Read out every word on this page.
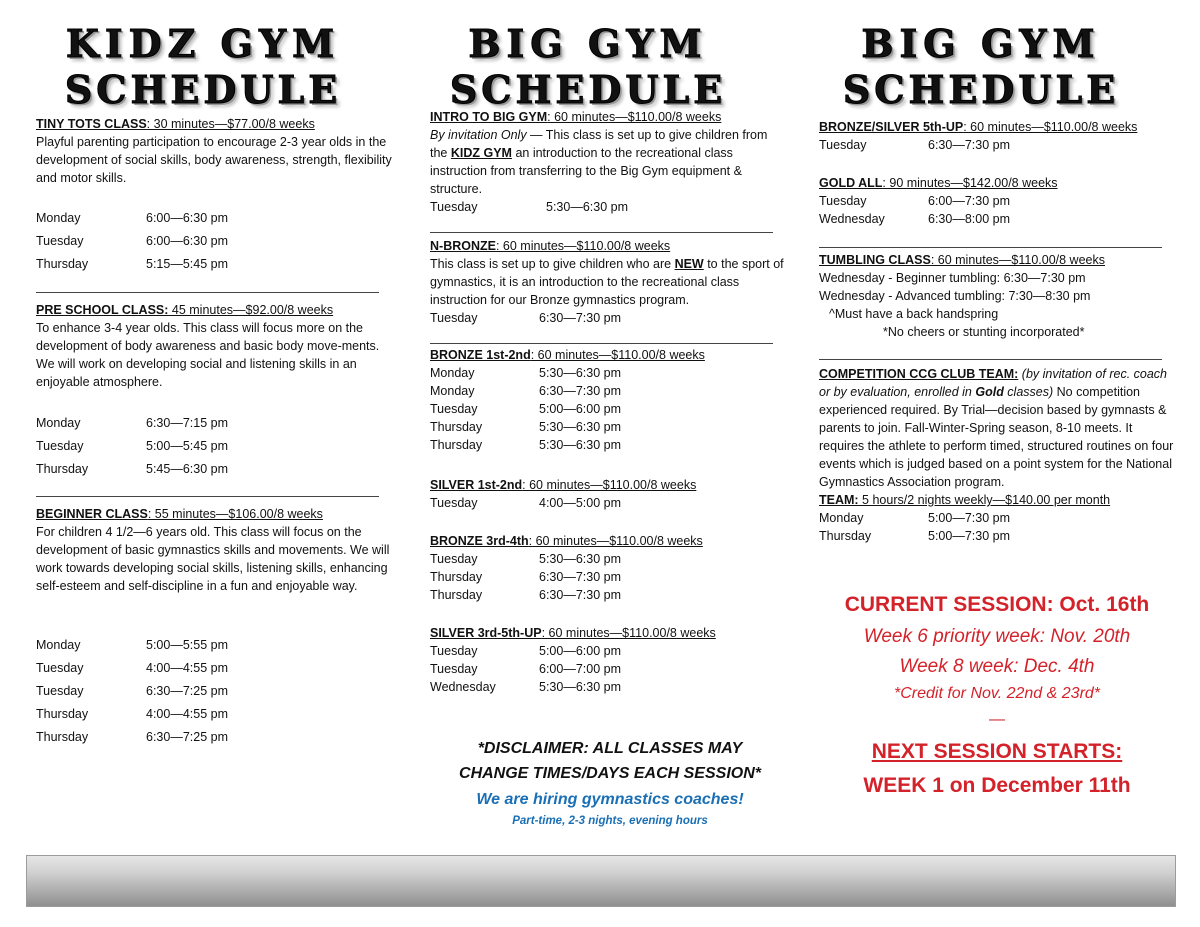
KIDZ GYM
SCHEDULE
BIG GYM
SCHEDULE
BIG GYM
SCHEDULE
TINY TOTS CLASS: 30 minutes—$77.00/8 weeks
Playful parenting participation to encourage 2-3 year olds in the development of social skills, body awareness, strength, flexibility and motor skills.
Monday	6:00—6:30 pm
Tuesday	6:00—6:30 pm
Thursday	5:15—5:45 pm
PRE SCHOOL CLASS: 45 minutes—$92.00/8 weeks
To enhance 3-4 year olds. This class will focus more on the development of body awareness and basic body move-ments. We will work on developing social and listening skills in an enjoyable atmosphere.
Monday	6:30—7:15 pm
Tuesday	5:00—5:45 pm
Thursday	5:45—6:30 pm
BEGINNER CLASS: 55 minutes—$106.00/8 weeks
For children 4 1/2—6 years old. This class will focus on the development of basic gymnastics skills and movements. We will work towards developing social skills, listening skills, enhancing self-esteem and self-discipline in a fun and enjoyable way.
Monday	5:00—5:55 pm
Tuesday	4:00—4:55 pm
Tuesday	6:30—7:25 pm
Thursday	4:00—4:55 pm
Thursday	6:30—7:25 pm
INTRO TO BIG GYM: 60 minutes—$110.00/8 weeks
By invitation Only — This class is set up to give children from the KIDZ GYM an introduction to the recreational class instruction from transferring to the Big Gym equipment & structure.
Tuesday	5:30—6:30 pm
N-BRONZE: 60 minutes—$110.00/8 weeks
This class is set up to give children who are NEW to the sport of gymnastics, it is an introduction to the recreational class instruction for our Bronze gymnastics program.
Tuesday	6:30—7:30 pm
BRONZE 1st-2nd: 60 minutes—$110.00/8 weeks
Monday	5:30—6:30 pm
Monday	6:30—7:30 pm
Tuesday	5:00—6:00 pm
Thursday	5:30—6:30 pm
Thursday	5:30—6:30 pm
SILVER 1st-2nd: 60 minutes—$110.00/8 weeks
Tuesday	4:00—5:00 pm
BRONZE 3rd-4th: 60 minutes—$110.00/8 weeks
Tuesday	5:30—6:30 pm
Thursday	6:30—7:30 pm
Thursday	6:30—7:30 pm
SILVER 3rd-5th-UP: 60 minutes—$110.00/8 weeks
Tuesday	5:00—6:00 pm
Tuesday	6:00—7:00 pm
Wednesday	5:30—6:30 pm
*DISCLAIMER: ALL CLASSES MAY
CHANGE TIMES/DAYS EACH SESSION*
We are hiring gymnastics coaches!
Part-time, 2-3 nights, evening hours
BRONZE/SILVER 5th-UP: 60 minutes—$110.00/8 weeks
Tuesday	6:30—7:30 pm
GOLD ALL: 90 minutes—$142.00/8 weeks
Tuesday	6:00—7:30 pm
Wednesday	6:30—8:00 pm
TUMBLING CLASS: 60 minutes—$110.00/8 weeks
Wednesday - Beginner tumbling: 6:30—7:30 pm
Wednesday - Advanced tumbling: 7:30—8:30 pm
^Must have a back handspring
*No cheers or stunting incorporated*
COMPETITION CCG CLUB TEAM: (by invitation of rec. coach or by evaluation, enrolled in Gold classes) No competition experienced required. By Trial—decision based by gymnasts & parents to join. Fall-Winter-Spring season, 8-10 meets. It requires the athlete to perform timed, structured routines on four events which is judged based on a point system for the National Gymnastics Association program.
TEAM: 5 hours/2 nights weekly—$140.00 per month
Monday	5:00—7:30 pm
Thursday	5:00—7:30 pm
CURRENT SESSION: Oct. 16th
Week 6 priority week: Nov. 20th
Week 8 week: Dec. 4th
*Credit for Nov. 22nd & 23rd*
—
NEXT SESSION STARTS:
WEEK 1 on December 11th
